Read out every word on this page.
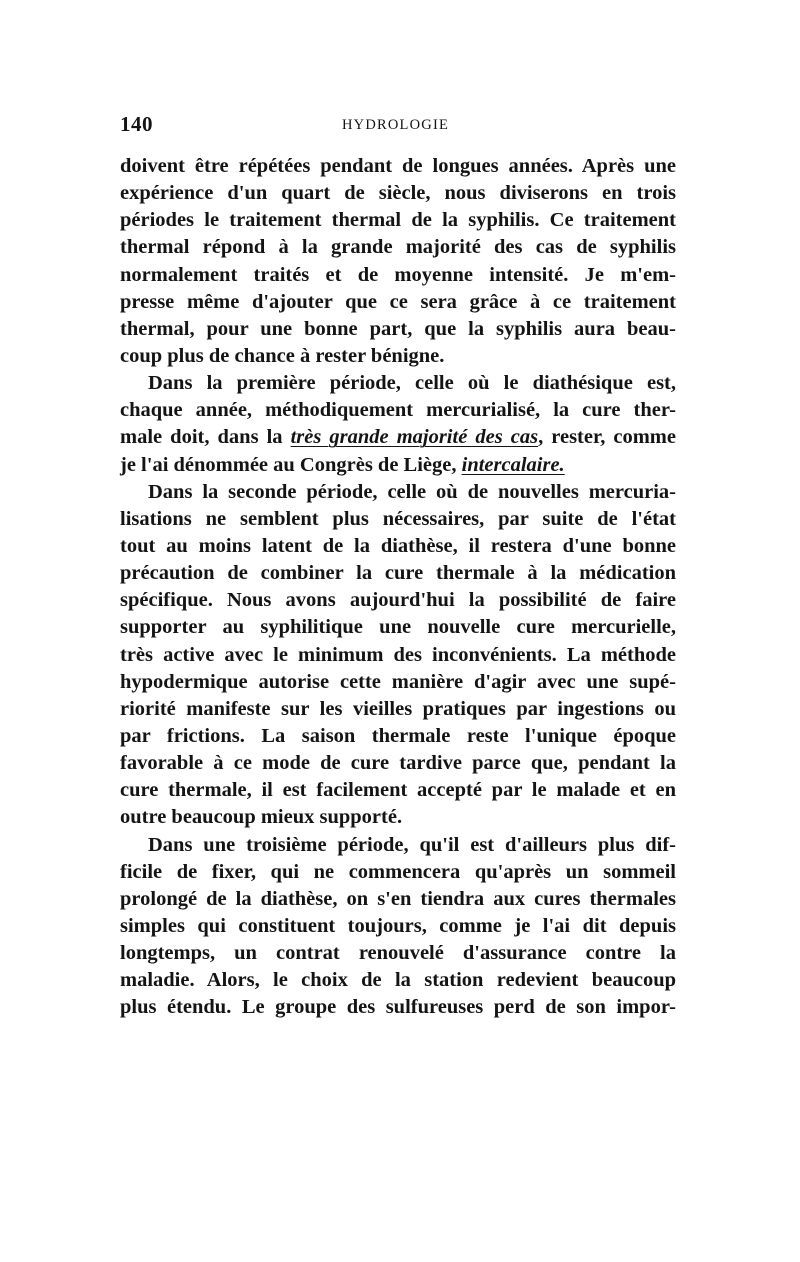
140	HYDROLOGIE
doivent être répétées pendant de longues années. Après une
expérience d'un quart de siècle, nous diviserons en trois
périodes le traitement thermal de la syphilis. Ce traitement
thermal répond à la grande majorité des cas de syphilis
normalement traités et de moyenne intensité. Je m'em-
presse même d'ajouter que ce sera grâce à ce traitement
thermal, pour une bonne part, que la syphilis aura beau-
coup plus de chance à rester bénigne.
Dans la première période, celle où le diathésique est,
chaque année, méthodiquement mercurialisé, la cure ther-
male doit, dans la très grande majorité des cas, rester, comme
je l'ai dénommée au Congrès de Liège, intercalaire.
Dans la seconde période, celle où de nouvelles mercuria-
lisations ne semblent plus nécessaires, par suite de l'état
tout au moins latent de la diathèse, il restera d'une bonne
précaution de combiner la cure thermale à la médication
spécifique. Nous avons aujourd'hui la possibilité de faire
supporter au syphilitique une nouvelle cure mercurielle,
très active avec le minimum des inconvénients. La méthode
hypodermique autorise cette manière d'agir avec une supé-
riorité manifeste sur les vieilles pratiques par ingestions ou
par frictions. La saison thermale reste l'unique époque
favorable à ce mode de cure tardive parce que, pendant la
cure thermale, il est facilement accepté par le malade et en
outre beaucoup mieux supporté.
Dans une troisième période, qu'il est d'ailleurs plus dif-
ficile de fixer, qui ne commencera qu'après un sommeil
prolongé de la diathèse, on s'en tiendra aux cures thermales
simples qui constituent toujours, comme je l'ai dit depuis
longtemps, un contrat renouvelé d'assurance contre la
maladie. Alors, le choix de la station redevient beaucoup
plus étendu. Le groupe des sulfureuses perd de son impor-
